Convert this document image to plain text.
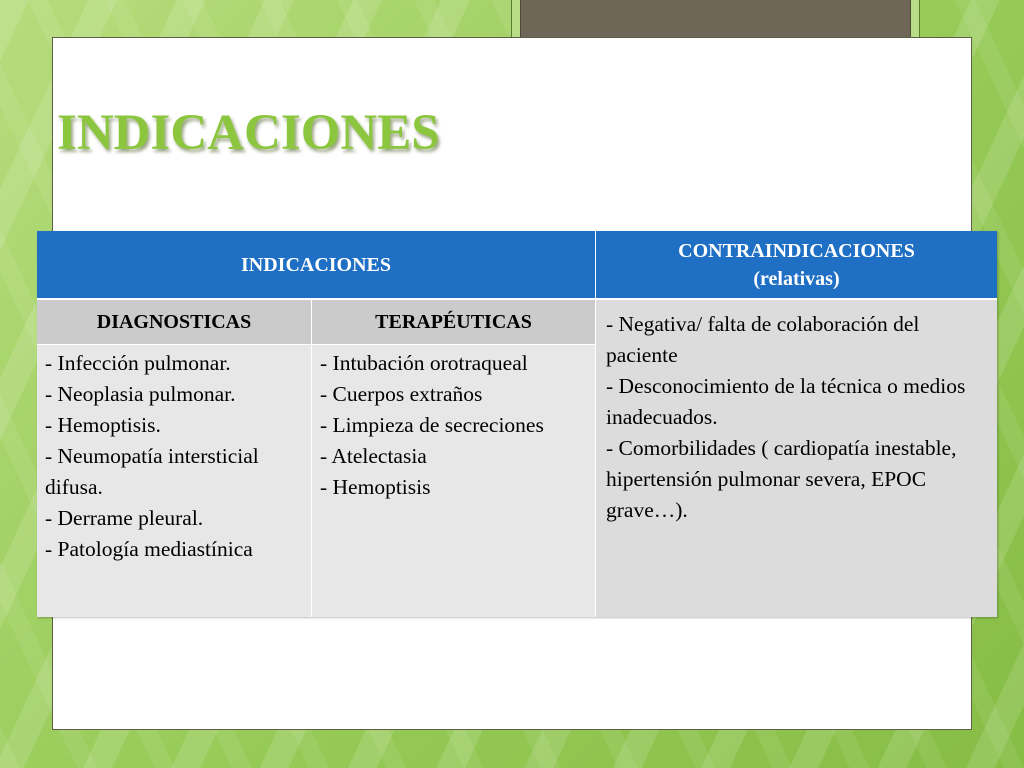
INDICACIONES
INDICACIONES
CONTRAINDICACIONES
(relativas)
DIAGNOSTICAS	TERAPÉUTICAS	- Negativa/ falta de colaboración del paciente
- Desconocimiento de la técnica o medios inadecuados.
- Comorbilidades ( cardiopatía inestable, hipertensión pulmonar severa, EPOC grave…).
- Infección pulmonar.
- Neoplasia pulmonar.
- Hemoptisis.
- Neumopatía intersticial difusa.
- Derrame pleural.
- Patología mediastínica
- Intubación orotraqueal
- Cuerpos extraños
- Limpieza de secreciones
- Atelectasia
- Hemoptisis
